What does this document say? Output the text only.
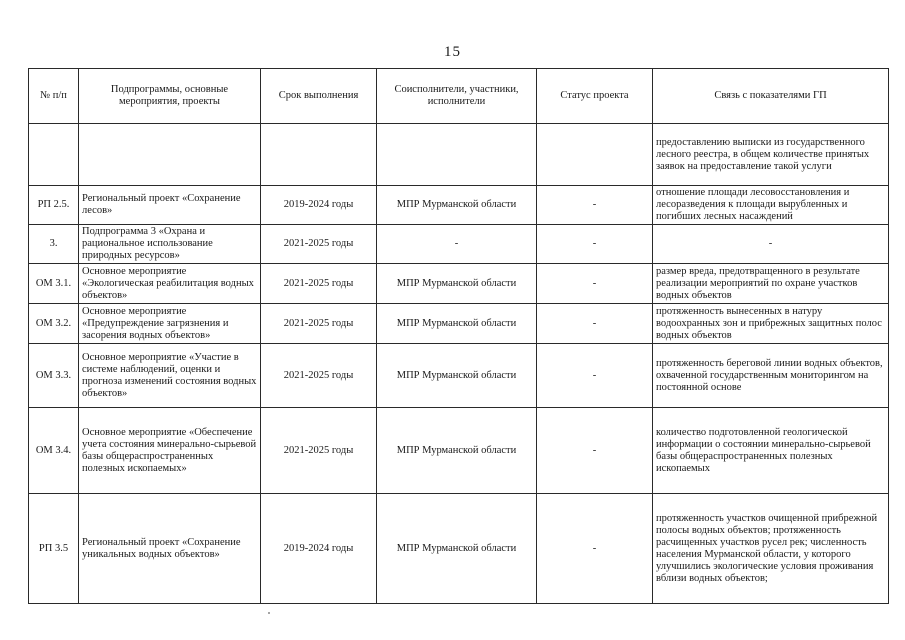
15
№ п/п	Подпрограммы, основные мероприятия, проекты	Срок выполнения	Соисполнители, участники, исполнители	Статус проекта	Связь с показателями ГП
					предоставлению выписки из государственного лесного реестра, в общем количестве принятых заявок на предоставление такой услуги
РП 2.5.	Региональный проект «Сохранение лесов»	2019-2024 годы	МПР Мурманской области	-	отношение площади лесовосстановления и лесоразведения к площади вырубленных и погибших лесных насаждений
3.	Подпрограмма 3 «Охрана и рациональное использование природных ресурсов»	2021-2025 годы	-	-	-
ОМ 3.1.	Основное мероприятие «Экологическая реабилитация водных объектов»	2021-2025 годы	МПР Мурманской области	-	размер вреда, предотвращенного в результате реализации мероприятий по охране участков водных объектов
ОМ 3.2.	Основное мероприятие «Предупреждение загрязнения и засорения водных объектов»	2021-2025 годы	МПР Мурманской области	-	протяженность вынесенных в натуру водоохранных зон и прибрежных защитных полос водных объектов
ОМ 3.3.	Основное мероприятие «Участие в системе наблюдений, оценки и прогноза изменений состояния водных объектов»	2021-2025 годы	МПР Мурманской области	-	протяженность береговой линии водных объектов, охваченной государственным мониторингом на постоянной основе
ОМ 3.4.	Основное мероприятие «Обеспечение учета состояния минерально-сырьевой базы общераспространенных полезных ископаемых»	2021-2025 годы	МПР Мурманской области	-	количество подготовленной геологической информации о состоянии минерально-сырьевой базы общераспространенных полезных ископаемых
РП 3.5	Региональный проект «Сохранение уникальных водных объектов»	2019-2024 годы	МПР Мурманской области	-	протяженность участков очищенной прибрежной полосы водных объектов; протяженность расчищенных участков русел рек; численность населения Мурманской области, у которого улучшились экологические условия проживания вблизи водных объектов;
